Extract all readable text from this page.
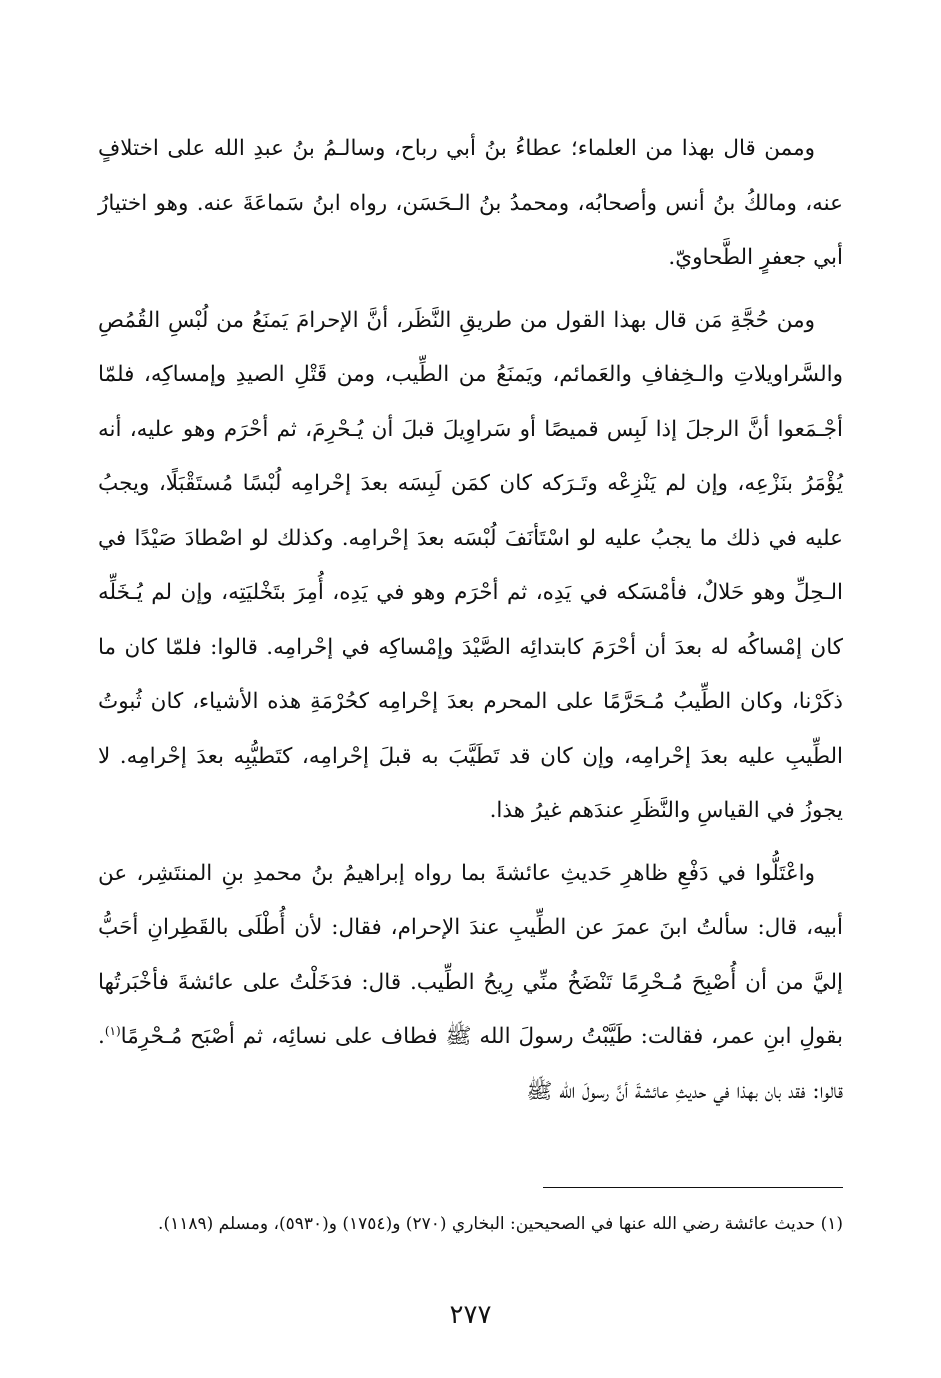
وممن قال بهذا من العلماء؛ عطاءُ بنُ أبي رباح، وسالـمُ بنُ عبدِ الله على اختلافٍ عنه، ومالكُ بنُ أنس وأصحابُه، ومحمدُ بنُ الـحَسَن، رواه ابنُ سَماعَةَ عنه. وهو اختيارُ أبي جعفرٍ الطَّحاويّ.

ومن حُجَّةِ مَن قال بهذا القول من طريقِ النَّظَر، أنَّ الإحرامَ يَمنَعُ من لُبْسِ القُمُصِ والسَّراويلاتِ والـخِفافِ والعَمائم، ويَمنَعُ من الطِّيب، ومن قَتْلِ الصيدِ وإمساكِه، فلمّا أجْـمَعوا أنَّ الرجلَ إذا لَبِس قميصًا أو سَراوِيلَ قبلَ أن يُـحْرِمَ، ثم أحْرَم وهو عليه، أنه يُؤْمَرُ بنَزْعِه، وإن لم يَنْزِعْه وتَـرَكه كان كمَن لَبِسَه بعدَ إحْرامِه لُبْسًا مُستَقْبَلًا، ويجبُ عليه في ذلك ما يجبُ عليه لو اسْتَأنَفَ لُبْسَه بعدَ إحْرامِه. وكذلك لو اصْطادَ صَيْدًا في الـحِلِّ وهو حَلالٌ، فأمْسَكه في يَدِه، ثم أحْرَم وهو في يَدِه، أُمِرَ بتَخْليَتِه، وإن لم يُـخَلِّه كان إمْساكُه له بعدَ أن أحْرَمَ كابتدائِه الصَّيْدَ وإمْساكِه في إحْرامِه. قالوا: فلمّا كان ما ذكَرْنا، وكان الطِّيبُ مُـحَرَّمًا على المحرم بعدَ إحْرامِه كحُرْمَةِ هذه الأشياء، كان ثُبوتُ الطِّيبِ عليه بعدَ إحْرامِه، وإن كان قد تَطَيَّبَ به قبلَ إحْرامِه، كتَطيُّبِه بعدَ إحْرامِه. لا يجوزُ في القياسِ والنَّظَرِ عندَهم غيرُ هذا.

واعْتَلُّوا في دَفْعِ ظاهرِ حَديثِ عائشةَ بما رواه إبراهيمُ بنُ محمدِ بنِ المنتَشِر، عن أبيه، قال: سألتُ ابنَ عمرَ عن الطِّيبِ عندَ الإحرام، فقال: لأن أُطْلَى بالقَطِرانِ أحَبُّ إليَّ من أن أُصْبِحَ مُـحْرِمًا تَنْضَخُ منِّي رِيحُ الطِّيب. قال: فدَخَلْتُ على عائشةَ فأخْبَرتُها بقولِ ابنِ عمر، فقالت: طَيَّبْتُ رسولَ الله ﷺ فطاف على نسائِه، ثم أصْبَح مُـحْرِمًا$^{(١)}$. قالوا: فقد بان بهذا في حديثِ عائشةَ أنَّ رسولَ الله ﷺ

(١) حديث عائشة رضي الله عنها في الصحيحين: البخاري (٢٧٠) و(١٧٥٤) و(٥٩٣٠)، ومسلم (١١٨٩).

٢٧٧
